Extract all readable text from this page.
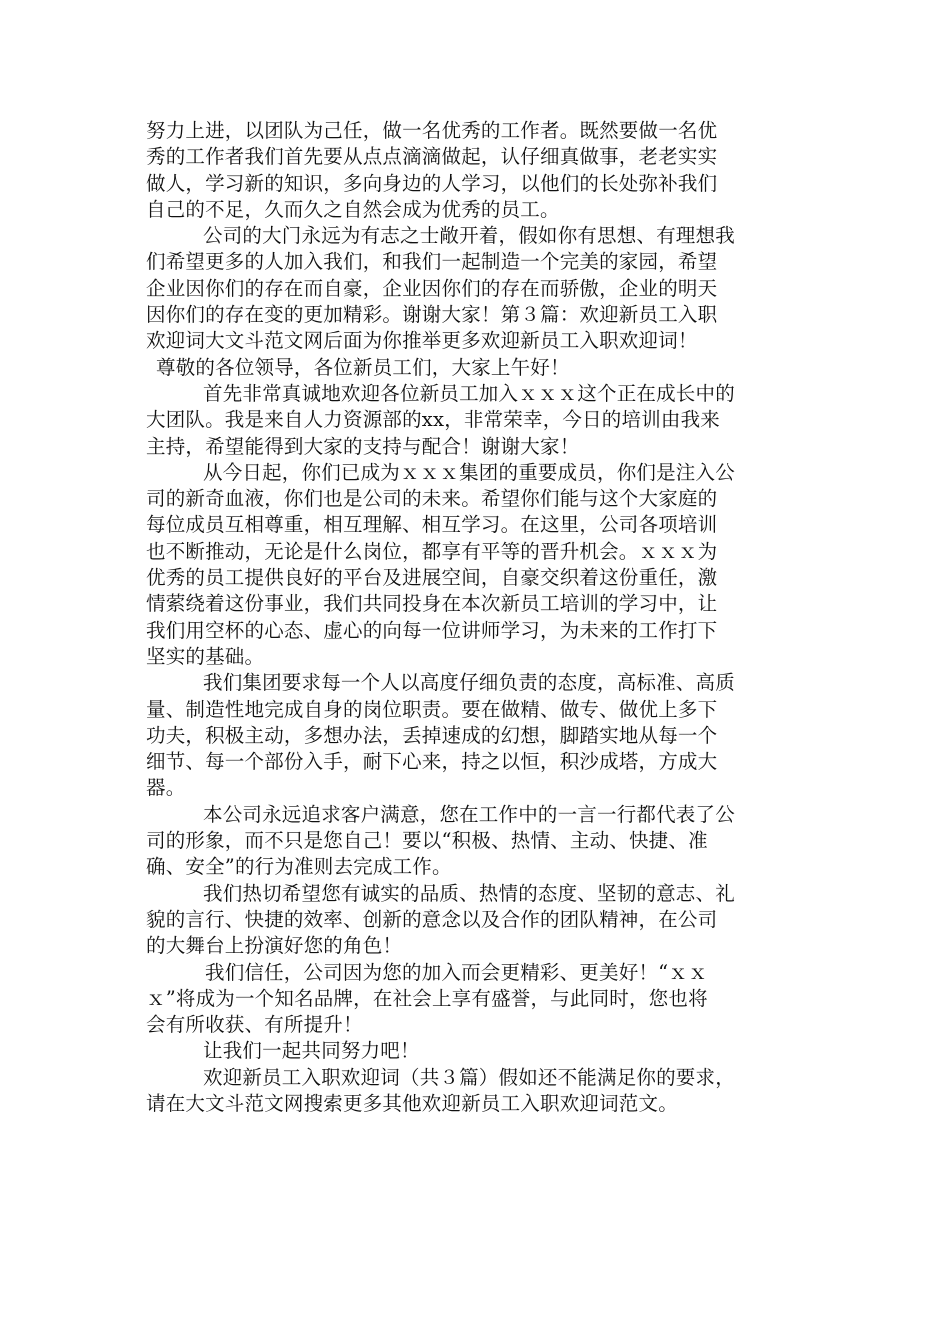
努力上进，以团队为己任，做一名优秀的工作者。既然要做一名优
秀的工作者我们首先要从点点滴滴做起，认仔细真做事，老老实实
做人，学习新的知识，多向身边的人学习，以他们的长处弥补我们
自己的不足，久而久之自然会成为优秀的员工。
公司的大门永远为有志之士敞开着，假如你有思想、有理想我
们希望更多的人加入我们，和我们一起制造一个完美的家园，希望
企业因你们的存在而自豪，企业因你们的存在而骄傲，企业的明天
因你们的存在变的更加精彩。谢谢大家！第３篇：欢迎新员工入职
欢迎词大文斗范文网后面为你推举更多欢迎新员工入职欢迎词！
尊敬的各位领导，各位新员工们，大家上午好！
首先非常真诚地欢迎各位新员工加入ｘｘｘ这个正在成长中的
大团队。我是来自人力资源部的xx，非常荣幸，今日的培训由我来
主持，希望能得到大家的支持与配合！谢谢大家！
从今日起，你们已成为ｘｘｘ集团的重要成员，你们是注入公
司的新奇血液，你们也是公司的未来。希望你们能与这个大家庭的
每位成员互相尊重，相互理解、相互学习。在这里，公司各项培训
也不断推动，无论是什么岗位，都享有平等的晋升机会。ｘｘｘ为
优秀的员工提供良好的平台及进展空间，自豪交织着这份重任，激
情萦绕着这份事业，我们共同投身在本次新员工培训的学习中，让
我们用空杯的心态、虚心的向每一位讲师学习，为未来的工作打下
坚实的基础。
我们集团要求每一个人以高度仔细负责的态度，高标准、高质
量、制造性地完成自身的岗位职责。要在做精、做专、做优上多下
功夫，积极主动，多想办法，丢掉速成的幻想，脚踏实地从每一个
细节、每一个部份入手，耐下心来，持之以恒，积沙成塔，方成大
器。
本公司永远追求客户满意，您在工作中的一言一行都代表了公
司的形象，而不只是您自己！要以“积极、热情、主动、快捷、准
确、安全”的行为准则去完成工作。
我们热切希望您有诚实的品质、热情的态度、坚韧的意志、礼
貌的言行、快捷的效率、创新的意念以及合作的团队精神，在公司
的大舞台上扮演好您的角色！
我们信任，公司因为您的加入而会更精彩、更美好！“ｘｘ
ｘ”将成为一个知名品牌，在社会上享有盛誉，与此同时，您也将
会有所收获、有所提升！
让我们一起共同努力吧！
欢迎新员工入职欢迎词（共３篇）假如还不能满足你的要求，
请在大文斗范文网搜索更多其他欢迎新员工入职欢迎词范文。
